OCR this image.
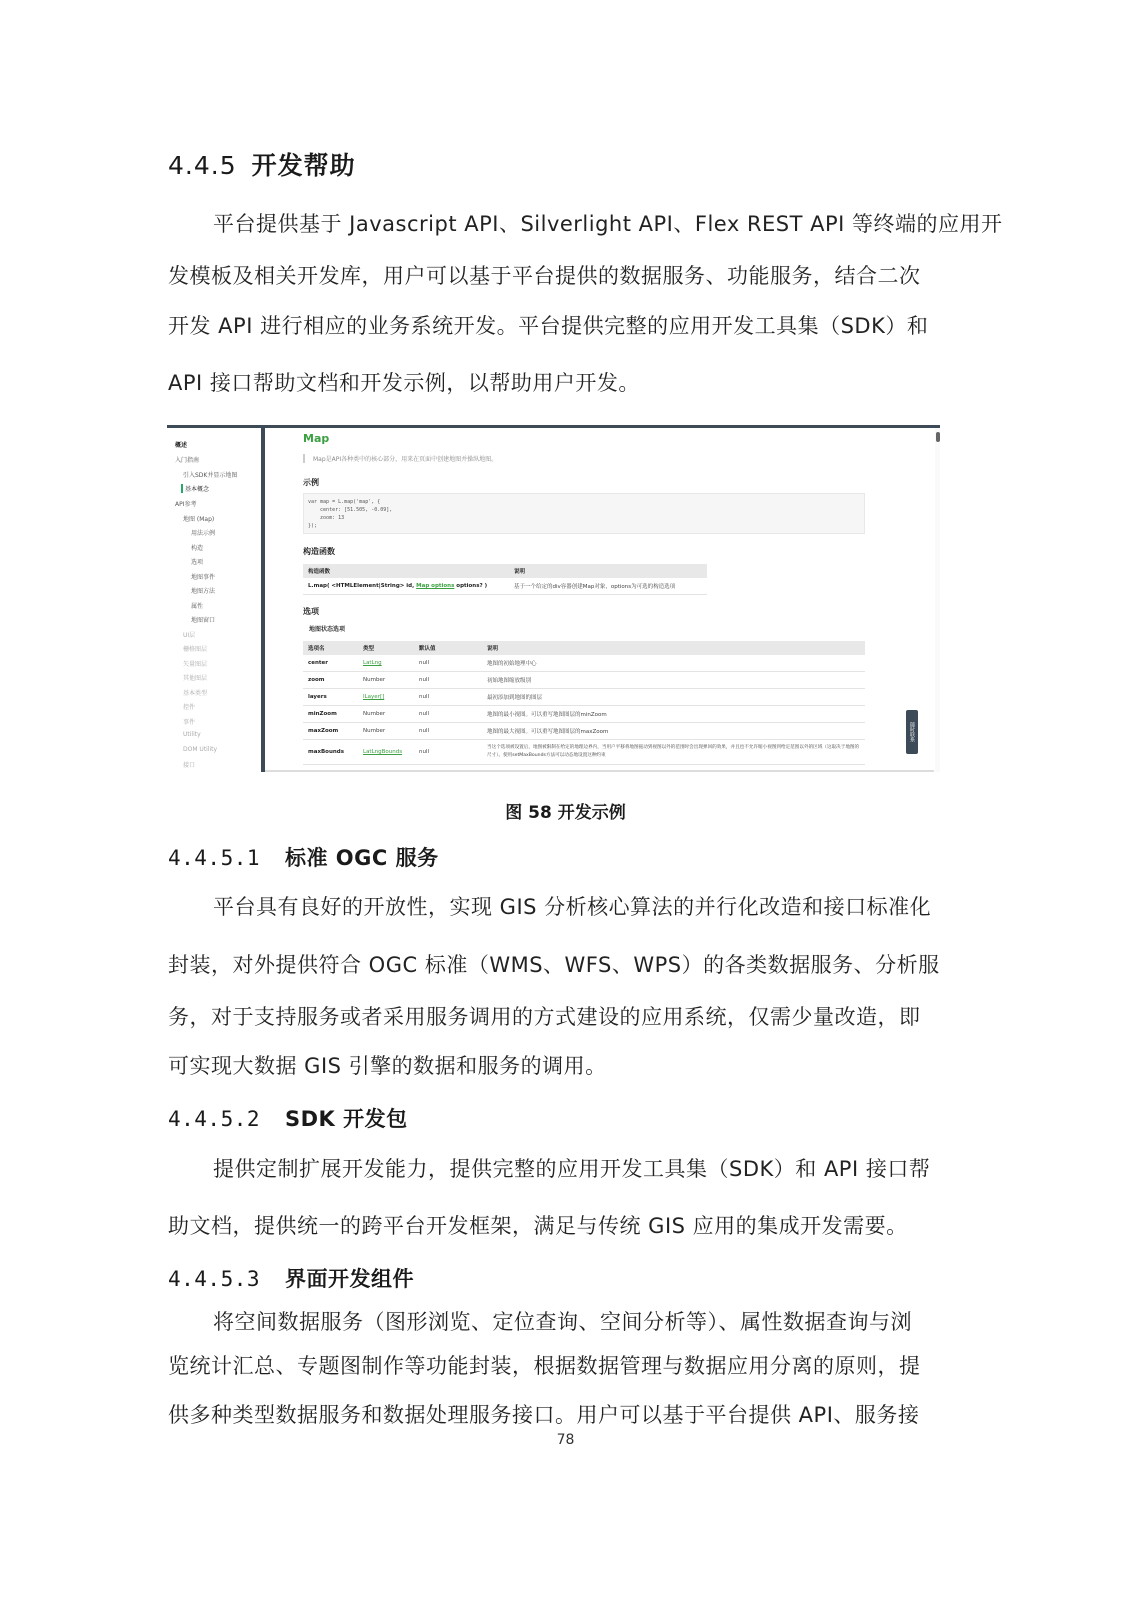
4.4.5 开发帮助
平台提供基于 Javascript API、Silverlight API、Flex REST API 等终端的应用开
发模板及相关开发库，用户可以基于平台提供的数据服务、功能服务，结合二次
开发 API 进行相应的业务系统开发。平台提供完整的应用开发工具集（SDK）和
API 接口帮助文档和开发示例，以帮助用户开发。
概述
入门指南
引入SDK并显示地图
基本概念
API参考
地图 (Map)
用法示例
构造
选项
地图事件
地图方法
属性
地图窗口
UI层
栅格图层
矢量图层
其他图层
基本类型
控件
事件
Utility
DOM Utility
接口
Map
Map是API各种类中的核心部分，用来在页面中创建地图并操纵地图。
示例
var map = L.map('map', {
center: [51.505, -0.09],
zoom: 13
});
构造函数
构造函数	说明
L.map( <HTMLElement|String> id, Map options options? )	基于一个给定的div容器创建Map对象，options为可选的构造选项
选项
地图状态选项
选项名	类型	默认值	说明
center	LatLng	null	地图的初始地理中心
zoom	Number	null	初始地图缩放级别
layers	ILayer[]	null	最初添加到地图的图层
minZoom	Number	null	地图的最小视图。可以重写地图图层的minZoom
maxZoom	Number	null	地图的最大视图。可以重写地图图层的maxZoom
maxBounds	LatLngBounds	null	当这个选项被设置后，地图被限制在给定的地理边界内，当用户平移将地图拖动到视图以外的范围时会出现弹回的效果，并且也不允许缩小视图到给定范围以外的区域（这取决于地图的尺寸）。使用setMaxBounds方法可以动态地设置这种约束
随时联系
图 58 开发示例
4.4.5.1 标准 OGC 服务
平台具有良好的开放性，实现 GIS 分析核心算法的并行化改造和接口标准化
封装，对外提供符合 OGC 标准（WMS、WFS、WPS）的各类数据服务、分析服
务，对于支持服务或者采用服务调用的方式建设的应用系统，仅需少量改造，即
可实现大数据 GIS 引擎的数据和服务的调用。
4.4.5.2 SDK 开发包
提供定制扩展开发能力，提供完整的应用开发工具集（SDK）和 API 接口帮
助文档，提供统一的跨平台开发框架，满足与传统 GIS 应用的集成开发需要。
4.4.5.3 界面开发组件
将空间数据服务（图形浏览、定位查询、空间分析等）、属性数据查询与浏
览统计汇总、专题图制作等功能封装，根据数据管理与数据应用分离的原则，提
供多种类型数据服务和数据处理服务接口。用户可以基于平台提供 API、服务接
78
